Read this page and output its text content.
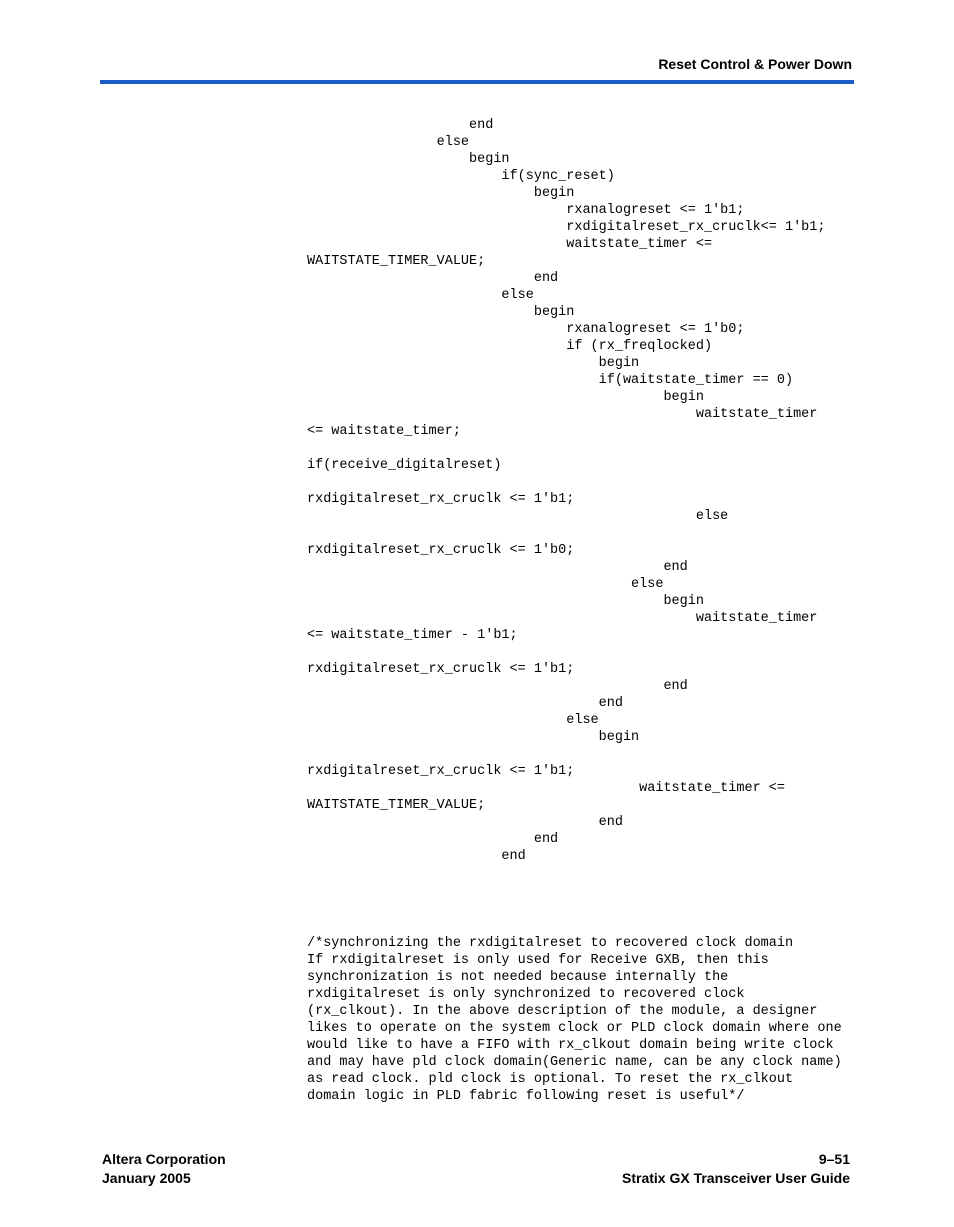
Reset Control & Power Down
end
else
begin
if(sync_reset)
begin
rxanalogreset <= 1'b1;
rxdigitalreset_rx_cruclk<= 1'b1;
waitstate_timer <=
WAITSTATE_TIMER_VALUE;
end
else
begin
rxanalogreset <= 1'b0;
if (rx_freqlocked)
begin
if(waitstate_timer == 0)
begin
waitstate_timer
<= waitstate_timer;

if(receive_digitalreset)

rxdigitalreset_rx_cruclk <= 1'b1;
else

rxdigitalreset_rx_cruclk <= 1'b0;
end
else
begin
waitstate_timer
<= waitstate_timer - 1'b1;

rxdigitalreset_rx_cruclk <= 1'b1;
end
end
else
begin

rxdigitalreset_rx_cruclk <= 1'b1;
waitstate_timer <=
WAITSTATE_TIMER_VALUE;
end
end
end
/*synchronizing the rxdigitalreset to recovered clock domain
If rxdigitalreset is only used for Receive GXB, then this
synchronization is not needed because internally the
rxdigitalreset is only synchronized to recovered clock
(rx_clkout). In the above description of the module, a designer
likes to operate on the system clock or PLD clock domain where one
would like to have a FIFO with rx_clkout domain being write clock
and may have pld clock domain(Generic name, can be any clock name)
as read clock. pld clock is optional. To reset the rx_clkout
domain logic in PLD fabric following reset is useful*/
Altera Corporation
January 2005
9–51
Stratix GX Transceiver User Guide
